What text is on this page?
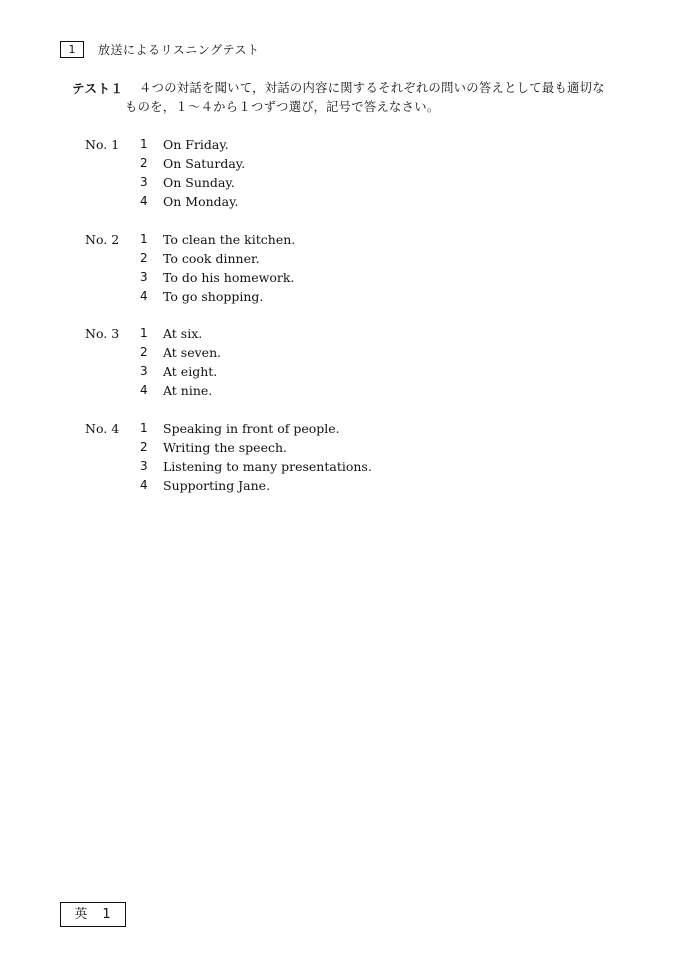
1	放送によるリスニングテスト
テスト１ ４つの対話を聞いて，対話の内容に関するそれぞれの問いの答えとして最も適切な
ものを，１～４から１つずつ選び，記号で答えなさい。
No. 1 1	On Friday.
2	On Saturday.
3	On Sunday.
4	On Monday.
No. 2 1	To clean the kitchen.
2	To cook dinner.
3	To do his homework.
4	To go shopping.
No. 3 1	At six.
2	At seven.
3	At eight.
4	At nine.
No. 4 1	Speaking in front of people.
2	Writing the speech.
3	Listening to many presentations.
4	Supporting Jane.
英　1
